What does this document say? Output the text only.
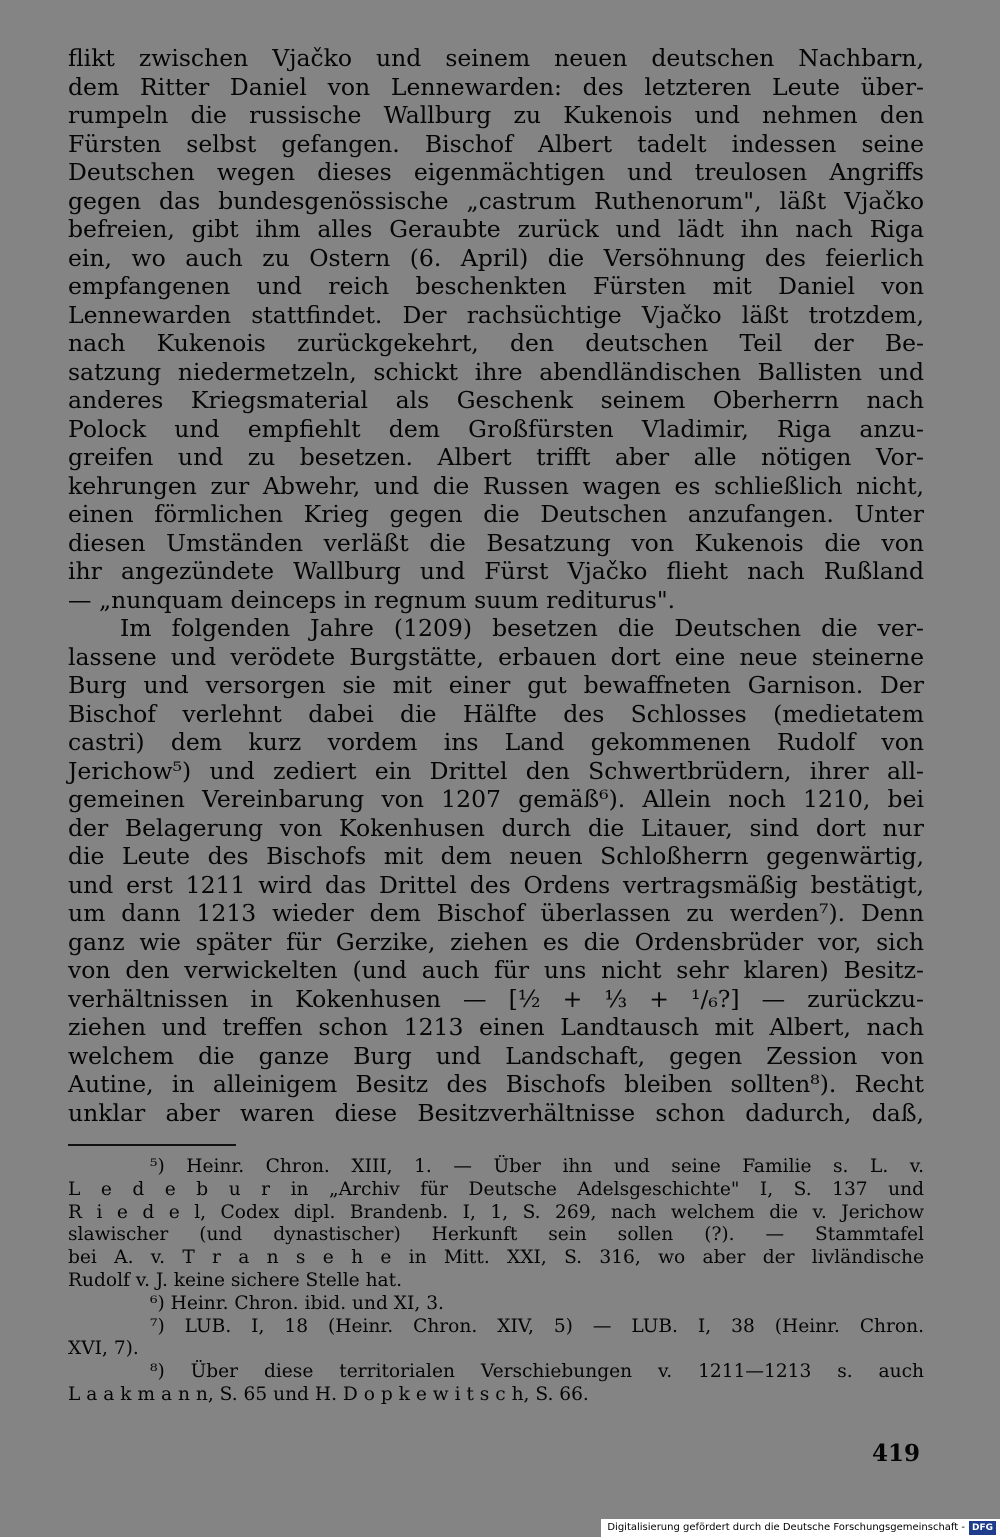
flikt zwischen Vjačko und seinem neuen deutschen Nachbarn,
dem Ritter Daniel von Lennewarden: des letzteren Leute über-
rumpeln die russische Wallburg zu Kukenois und nehmen den
Fürsten selbst gefangen. Bischof Albert tadelt indessen seine
Deutschen wegen dieses eigenmächtigen und treulosen Angriffs
gegen das bundesgenössische „castrum Ruthenorum", läßt Vjačko
befreien, gibt ihm alles Geraubte zurück und lädt ihn nach Riga
ein, wo auch zu Ostern (6. April) die Versöhnung des feierlich
empfangenen und reich beschenkten Fürsten mit Daniel von
Lennewarden stattfindet. Der rachsüchtige Vjačko läßt trotzdem,
nach Kukenois zurückgekehrt, den deutschen Teil der Be-
satzung niedermetzeln, schickt ihre abendländischen Ballisten und
anderes Kriegsmaterial als Geschenk seinem Oberherrn nach
Polock und empfiehlt dem Großfürsten Vladimir, Riga anzu-
greifen und zu besetzen. Albert trifft aber alle nötigen Vor-
kehrungen zur Abwehr, und die Russen wagen es schließlich nicht,
einen förmlichen Krieg gegen die Deutschen anzufangen. Unter
diesen Umständen verläßt die Besatzung von Kukenois die von
ihr angezündete Wallburg und Fürst Vjačko flieht nach Rußland
— „nunquam deinceps in regnum suum rediturus".
Im folgenden Jahre (1209) besetzen die Deutschen die ver-
lassene und verödete Burgstätte, erbauen dort eine neue steinerne
Burg und versorgen sie mit einer gut bewaffneten Garnison. Der
Bischof verlehnt dabei die Hälfte des Schlosses (medietatem
castri) dem kurz vordem ins Land gekommenen Rudolf von
Jerichow⁵) und zediert ein Drittel den Schwertbrüdern, ihrer all-
gemeinen Vereinbarung von 1207 gemäß⁶). Allein noch 1210, bei
der Belagerung von Kokenhusen durch die Litauer, sind dort nur
die Leute des Bischofs mit dem neuen Schloßherrn gegenwärtig,
und erst 1211 wird das Drittel des Ordens vertragsmäßig bestätigt,
um dann 1213 wieder dem Bischof überlassen zu werden⁷). Denn
ganz wie später für Gerzike, ziehen es die Ordensbrüder vor, sich
von den verwickelten (und auch für uns nicht sehr klaren) Besitz-
verhältnissen in Kokenhusen — [½ + ⅓ + ¹/₆?] — zurückzu-
ziehen und treffen schon 1213 einen Landtausch mit Albert, nach
welchem die ganze Burg und Landschaft, gegen Zession von
Autine, in alleinigem Besitz des Bischofs bleiben sollten⁸). Recht
unklar aber waren diese Besitzverhältnisse schon dadurch, daß,
⁵) Heinr. Chron. XIII, 1. — Über ihn und seine Familie s. L. v.
L e d e b u r in „Archiv für Deutsche Adelsgeschichte" I, S. 137 und
R i e d e l, Codex dipl. Brandenb. I, 1, S. 269, nach welchem die v. Jerichow
slawischer (und dynastischer) Herkunft sein sollen (?). — Stammtafel
bei A. v. T r a n s e h e in Mitt. XXI, S. 316, wo aber der livländische
Rudolf v. J. keine sichere Stelle hat.
⁶) Heinr. Chron. ibid. und XI, 3.
⁷) LUB. I, 18 (Heinr. Chron. XIV, 5) — LUB. I, 38 (Heinr. Chron.
XVI, 7).
⁸) Über diese territorialen Verschiebungen v. 1211—1213 s. auch
L a a k m a n n, S. 65 und H. D o p k e w i t s c h, S. 66.
419
Digitalisierung gefördert durch die Deutsche Forschungsgemeinschaft - DFG
